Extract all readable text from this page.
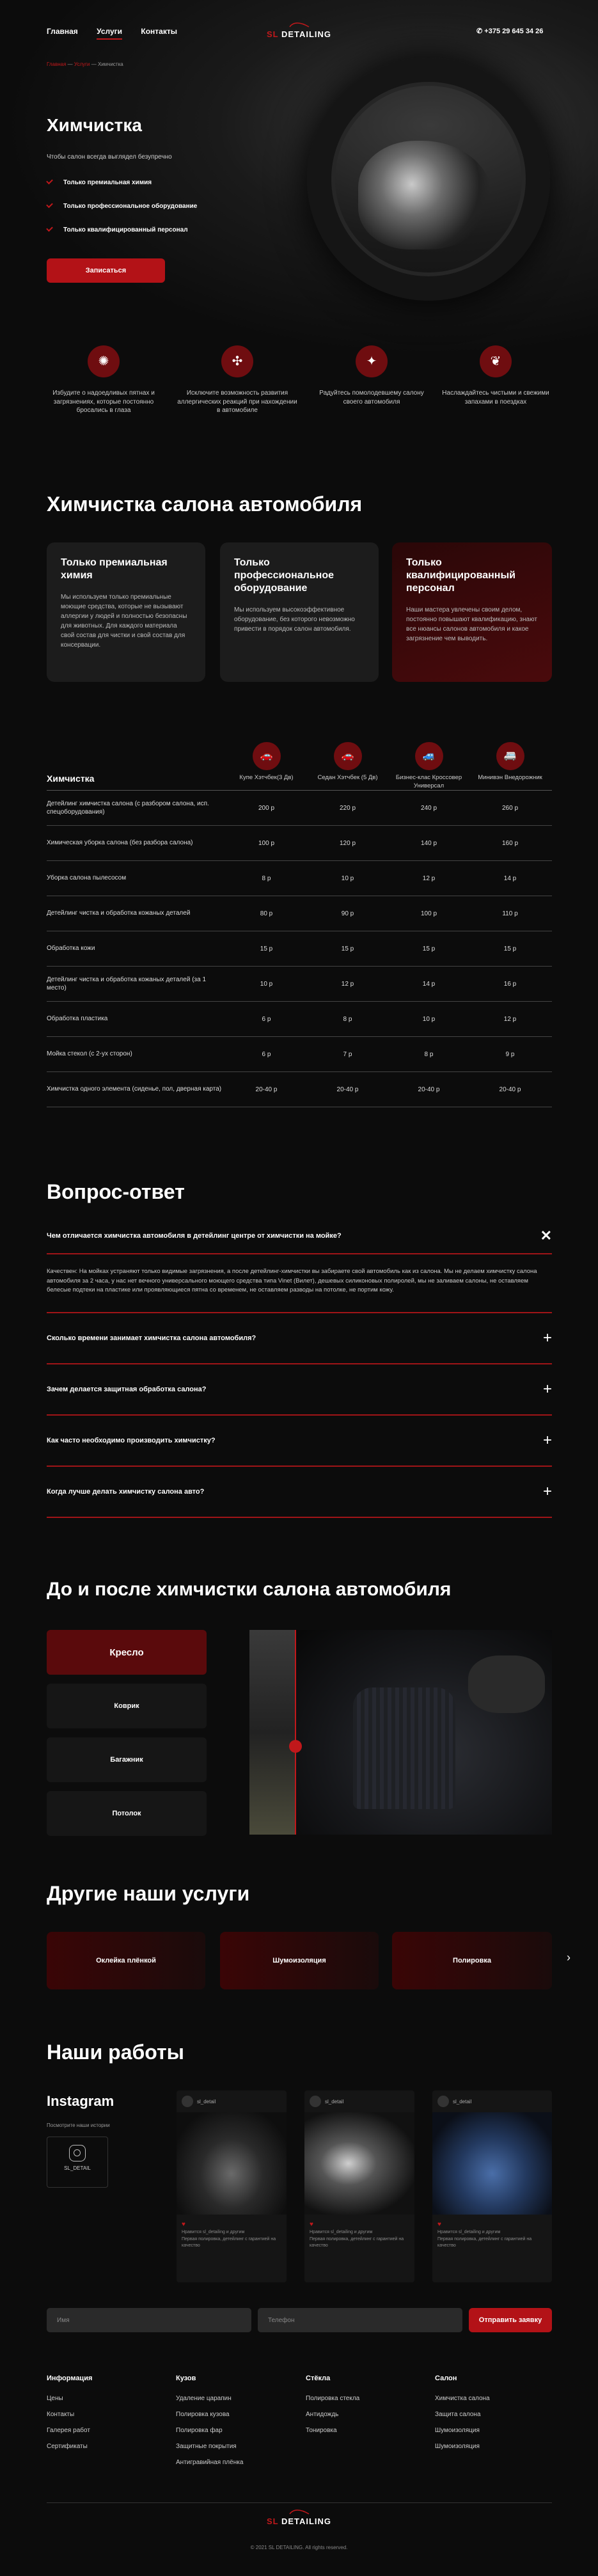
Главная Услуги Контакты	SL DETAILING	✆ +375 29 645 34 26
Главная — Услуги — Химчистка
Химчистка
Чтобы салон всегда выглядел безупречно
Только премиальная химия
Только профессиональное оборудование
Только квалифицированный персонал
Записаться
✺
Избудите о надоедливых пятнах и загрязнениях, которые постоянно бросались в глаза
✣
Исключите возможность развития аллергических реакций при нахождении в автомобиле
✦
Радуйтесь помолодевшему салону своего автомобиля
❦
Наслаждайтесь чистыми и свежими запахами в поездках
Химчистка салона автомобиля
Только премиальная химия

Мы используем только премиальные моющие средства, которые не вызывают аллергии у людей и полностью безопасны для животных. Для каждого материала свой состав для чистки и свой состав для консервации.

Только профессиональное оборудование

Мы используем высокоэффективное оборудование, без которого невозможно привести в порядок салон автомобиля.

Только квалифицированный персонал

Наши мастера увлечены своим делом, постоянно повышают квалификацию, знают все нюансы салонов автомобиля и какое загрязнение чем выводить.

Химчистка
🚗
Купе Хэтчбек(3 Дв)
🚗
Седан Хэтчбек (5 Дв)
🚙
Бизнес-клас Кроссовер Универсал
🚐
Минивэн Внедорожник
Детейлинг химчистка салона (с разбором салона, исп. спецоборудования)
200 р	220 р	240 р	260 р
Химическая уборка салона (без разбора салона)	100 р	120 р	140 р	160 р
Уборка салона пылесосом	8 р	10 р	12 р	14 р
Детейлинг чистка и обработка кожаных деталей	80 р	90 р	100 р	110 р
Обработка кожи	15 р	15 р	15 р	15 р
Детейлинг чистка и обработка кожаных деталей (за 1 место)
10 р	12 р	14 р	16 р
Обработка пластика	6 р	8 р	10 р	12 р
Мойка стекол (с 2-ух сторон)	6 р	7 р	8 р	9 р
Химчистка одного элемента (сиденье, пол, дверная карта)	20-40 р	20-40 р	20-40 р	20-40 р
Вопрос-ответ
Чем отличается химчистка автомобиля в детейлинг центре от химчистки на мойке?	✕
Качествен: На мойках устраняют только видимые загрязнения, а после детейлинг-химчистки вы забираете свой автомобиль как из салона. Мы не делаем химчистку салона автомобиля за 2 часа, у нас нет вечного универсального моющего средства типа Vinet (Вилет), дешевых силиконовых полиролей, мы не заливаем салоны, не оставляем белесые подтеки на пластике или проявляющиеся пятна со временем, не оставляем разводы на потолке, не портим кожу.
Сколько времени занимает химчистка салона автомобиля?	+
Зачем делается защитная обработка салона?	+
Как часто необходимо производить химчистку?	+
Когда лучше делать химчистку салона авто?	+
До и после химчистки салона автомобиля
Кресло
Коврик
Багажник
Потолок
Другие наши услуги
Оклейка плёнкой	Шумоизоляция	Полировка	›
Наши работы
Instagram
Посмотрите наши истории
SL_DETAIL
sl_detail
♥
Нравится sl_detailing и другим
Первая полировка, детейлинг с гарантией на качество
sl_detail
♥
Нравится sl_detailing и другим
Первая полировка, детейлинг с гарантией на качество
sl_detail
♥
Нравится sl_detailing и другим
Первая полировка, детейлинг с гарантией на качество
Имя	Телефон	Отправить заявку
Информация
Цены
Контакты
Галерея работ
Сертификаты
Кузов
Удаление царапин
Полировка кузова
Полировка фар
Защитные покрытия
Антигравийная плёнка
Стёкла
Полировка стекла
Антидождь
Тонировка
Салон
Химчистка салона
Защита салона
Шумоизоляция
Шумоизоляция
SL DETAILING
© 2021 SL DETAILING. All rights reserved.
